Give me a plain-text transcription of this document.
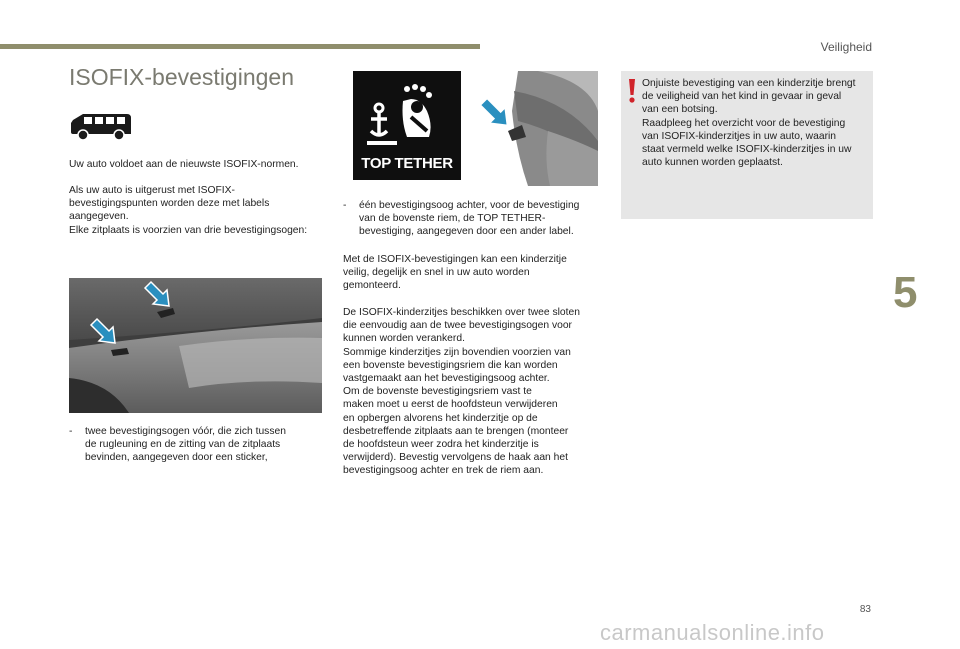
Veiligheid
ISOFIX-bevestigingen

Uw auto voldoet aan de nieuwste ISOFIX-normen.

Als uw auto is uitgerust met ISOFIX-
bevestigingspunten worden deze met labels
aangegeven.
Elke zitplaats is voorzien van drie bevestigingsogen:
-	twee bevestigingsogen vóór, die zich tussen
de rugleuning en de zitting van de zitplaats
bevinden, aangegeven door een sticker,
TOP TETHER
-	één bevestigingsoog achter, voor de bevestiging
van de bovenste riem, de TOP TETHER-
bevestiging, aangegeven door een ander label.
Met de ISOFIX-bevestigingen kan een kinderzitje
veilig, degelijk en snel in uw auto worden
gemonteerd.
De ISOFIX-kinderzitjes beschikken over twee sloten
die eenvoudig aan de twee bevestigingsogen voor
kunnen worden verankerd.
Sommige kinderzitjes zijn bovendien voorzien van
een bovenste bevestigingsriem die kan worden
vastgemaakt aan het bevestigingsoog achter.
Om de bovenste bevestigingsriem vast te
maken moet u eerst de hoofdsteun verwijderen
en opbergen alvorens het kinderzitje op de
desbetreffende zitplaats aan te brengen (monteer
de hoofdsteun weer zodra het kinderzitje is
verwijderd). Bevestig vervolgens de haak aan het
bevestigingsoog achter en trek de riem aan.
Onjuiste bevestiging van een kinderzitje brengt
de veiligheid van het kind in gevaar in geval
van een botsing.
Raadpleeg het overzicht voor de bevestiging
van ISOFIX-kinderzitjes in uw auto, waarin
staat vermeld welke ISOFIX-kinderzitjes in uw
auto kunnen worden geplaatst.
5
83
carmanualsonline.info
